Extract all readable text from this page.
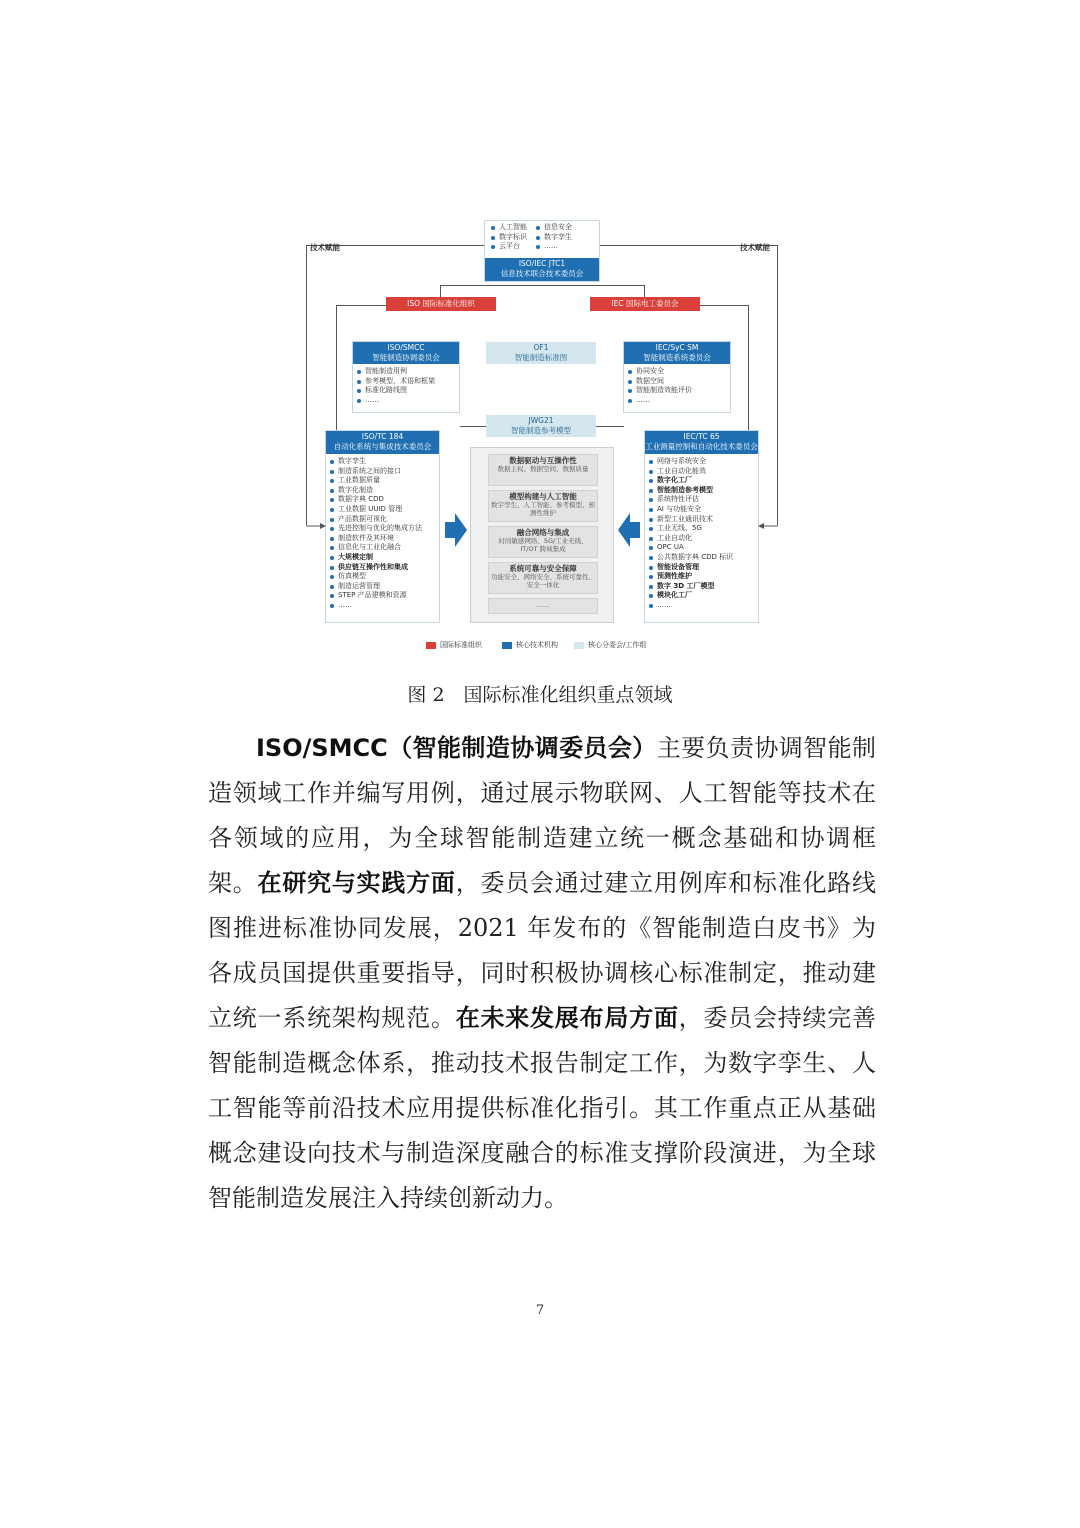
技术赋能	技术赋能
人工智能
数字标识
云平台
信息安全
数字孪生
……
ISO/IEC JTC1
信息技术联合技术委员会
ISO 国际标准化组织	IEC 国际电工委员会
ISO/SMCC
智能制造协调委员会
智能制造用例
参考模型、术语和框架
标准化路线图
……
OF1
智能制造标准图
IEC/SyC SM
智能制造系统委员会
协同安全
数据空间
智能制造效能评价
……
JWG21
智能制造参考模型
ISO/TC 184
自动化系统与集成技术委员会
数字孪生
制造系统之间的接口
工业数据质量
数字化制造
数据字典 CDD
工业数据 UUID 管理
产品数据可视化
先进控制与优化的集成方法
制造软件及其环境
信息化与工业化融合
大规模定制
供应链互操作性和集成
仿真模型
制造运营管理
STEP 产品建模和资源
……
IEC/TC 65
工业测量控制和自动化技术委员会
网络与系统安全
工业自动化能效
数字化工厂
智能制造参考模型
系统特性评估
AI 与功能安全
新型工业通讯技术
工业无线、5G
工业自动化
OPC UA
公共数据字典 CDD 标识
智能设备管理
预测性维护
数字 3D 工厂模型
模块化工厂
……
数据驱动与互操作性
数据主权、数据空间、数据质量
模型构建与人工智能
数字孪生、人工智能、参考模型、预测性维护
融合网络与集成
时间敏感网络、5G/工业无线、IT/OT 跨域集成
系统可靠与安全保障
功能安全、网络安全、系统可靠性、安全一体化
……
国际标准组织	核心技术机构	核心分委会/工作组
图 2　国际标准化组织重点领域

ISO/SMCC（智能制造协调委员会）主要负责协调智能制造领域工作并编写用例，通过展示物联网、人工智能等技术在各领域的应用，为全球智能制造建立统一概念基础和协调框架。在研究与实践方面，委员会通过建立用例库和标准化路线图推进标准协同发展，2021 年发布的《智能制造白皮书》为各成员国提供重要指导，同时积极协调核心标准制定，推动建立统一系统架构规范。在未来发展布局方面，委员会持续完善智能制造概念体系，推动技术报告制定工作，为数字孪生、人工智能等前沿技术应用提供标准化指引。其工作重点正从基础概念建设向技术与制造深度融合的标准支撑阶段演进，为全球智能制造发展注入持续创新动力。

7
